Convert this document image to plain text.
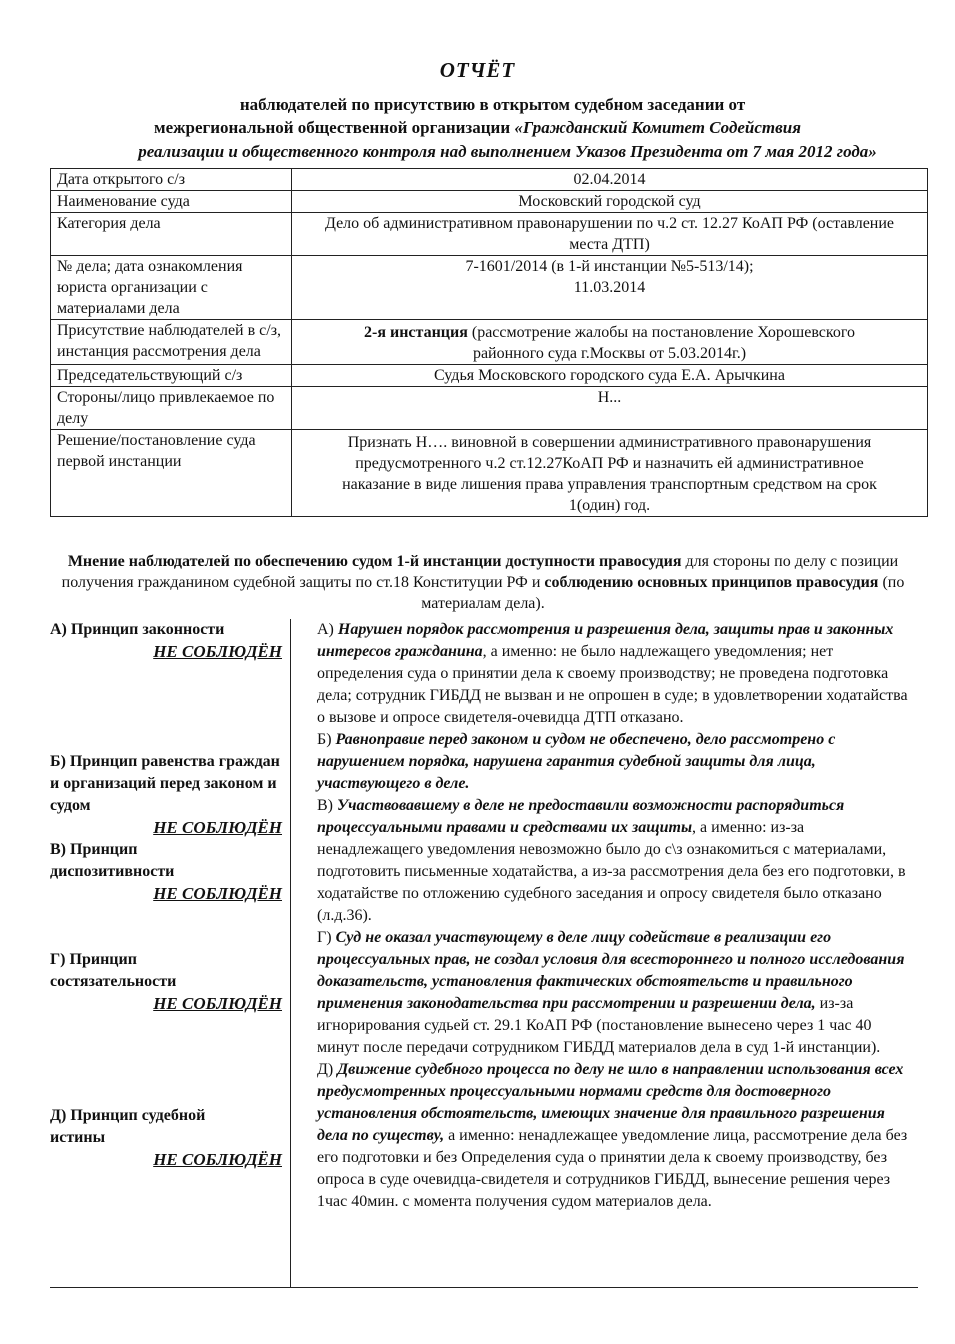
ОТЧЁТ
наблюдателей по присутствию в открытом судебном заседании от
межрегиональной общественной организации «Гражданский Комитет Содействия
реализации и общественного контроля над выполнением Указов Президента от 7 мая 2012 года»
Дата открытого с/з	02.04.2014
Наименование суда	Московский городской суд
Категория дела	Дело об административном правонарушении по ч.2 ст. 12.27 КоАП РФ (оставление места ДТП)
№ дела; дата ознакомления юриста организации с материалами дела	7-1601/2014 (в 1-й инстанции №5-513/14);
11.03.2014

Присутствие наблюдателей в с/з, инстанция рассмотрения дела	2-я инстанция (рассмотрение жалобы на постановление Хорошевского районного суда г.Москвы от 5.03.2014г.)
Председательствующий с/з	Судья Московского городского суда Е.А. Арычкина
Стороны/лицо привлекаемое по делу	Н...
Решение/постановление суда первой инстанции	Признать Н…. виновной в совершении административного правонарушения предусмотренного ч.2 ст.12.27КоАП РФ и назначить ей административное наказание в виде лишения права управления транспортным средством на срок 1(один) год.
Мнение наблюдателей по обеспечению судом 1-й инстанции доступности правосудия для стороны по делу с позиции получения гражданином судебной защиты по ст.18 Конституции РФ и соблюдению основных принципов правосудия (по материалам дела).
А) Принцип законности
НЕ СОБЛЮДЁН
Б) Принцип равенства граждан и организаций перед законом и судом
НЕ СОБЛЮДЁН
В) Принцип диспозитивности
НЕ СОБЛЮДЁН
Г) Принцип состязательности
НЕ СОБЛЮДЁН
Д) Принцип судебной истины
НЕ СОБЛЮДЁН

А) Нарушен порядок рассмотрения и разрешения дела, защиты прав и законных интересов гражданина, а именно: не было надлежащего уведомления; нет определения суда о принятии дела к своему производству; не проведена подготовка дела; сотрудник ГИБДД не вызван и не опрошен в суде; в удовлетворении ходатайства о вызове и опросе свидетеля-очевидца ДТП отказано.

Б) Равноправие перед законом и судом не обеспечено, дело рассмотрено с нарушением порядка, нарушена гарантия судебной защиты для лица, участвующего в деле.

В) Участвовавшему в деле не предоставили возможности распорядиться процессуальными правами и средствами их защиты, а именно: из-за ненадлежащего уведомления невозможно было до с\з ознакомиться с материалами, подготовить письменные ходатайства, а из-за рассмотрения дела без его подготовки, в ходатайстве по отложению судебного заседания и опросу свидетеля было отказано (л.д.36).

Г) Суд не оказал участвующему в деле лицу содействие в реализации его процессуальных прав, не создал условия для всестороннего и полного исследования доказательств, установления фактических обстоятельств и правильного применения законодательства при рассмотрении и разрешении дела, из-за игнорирования судьей ст. 29.1 КоАП РФ (постановление вынесено через 1 час 40 минут после передачи сотрудником ГИБДД материалов дела в суд 1-й инстанции).

Д) Движение судебного процесса по делу не шло в направлении использования всех предусмотренных процессуальными нормами средств для достоверного установления обстоятельств, имеющих значение для правильного разрешения дела по существу, а именно: ненадлежащее уведомление лица, рассмотрение дела без его подготовки и без Определения суда о принятии дела к своему производству, без опроса в суде очевидца-свидетеля и сотрудников ГИБДД, вынесение решения через 1час 40мин. с момента получения судом материалов дела.
